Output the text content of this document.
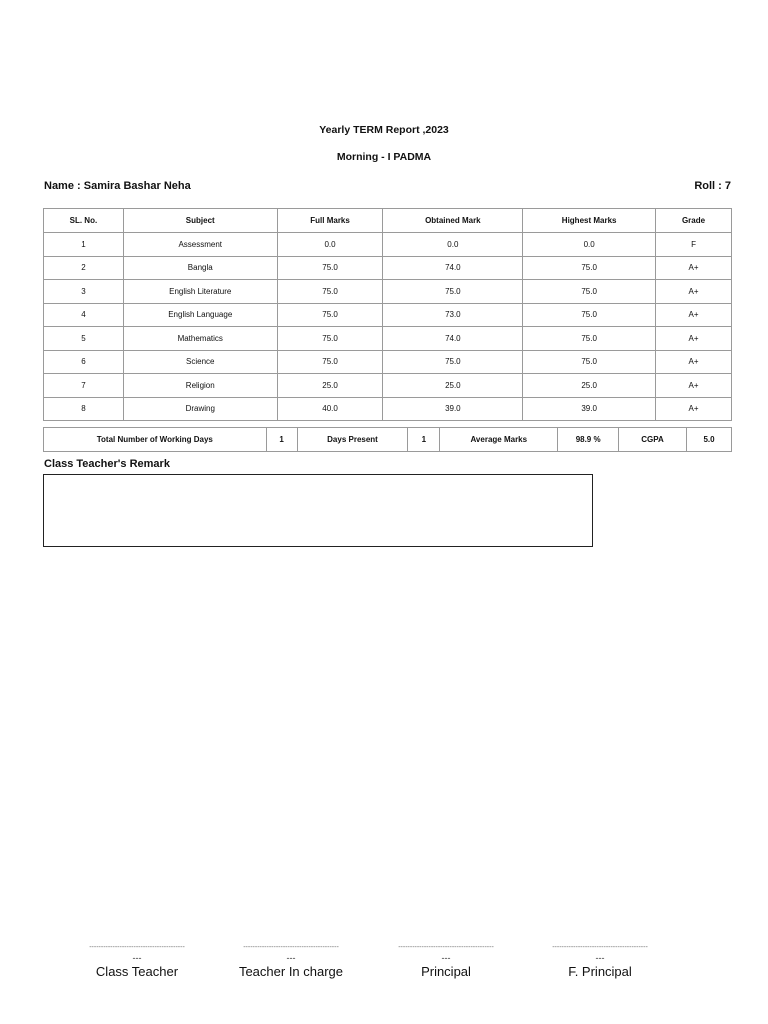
Yearly TERM Report ,2023
Morning - I PADMA
Name : Samira Bashar Neha	Roll : 7
SL. No.	Subject	Full Marks	Obtained Mark	Highest Marks	Grade
1	Assessment	0.0	0.0	0.0	F
2	Bangla	75.0	74.0	75.0	A+
3	English Literature	75.0	75.0	75.0	A+
4	English Language	75.0	73.0	75.0	A+
5	Mathematics	75.0	74.0	75.0	A+
6	Science	75.0	75.0	75.0	A+
7	Religion	25.0	25.0	25.0	A+
8	Drawing	40.0	39.0	39.0	A+
Total Number of Working Days	1	Days Present	1	Average Marks	98.9 %	CGPA	5.0
Class Teacher's Remark
-----------------------------------------
---
Class Teacher
-----------------------------------------
---
Teacher In charge
-----------------------------------------
---
Principal
-----------------------------------------
---
F. Principal
